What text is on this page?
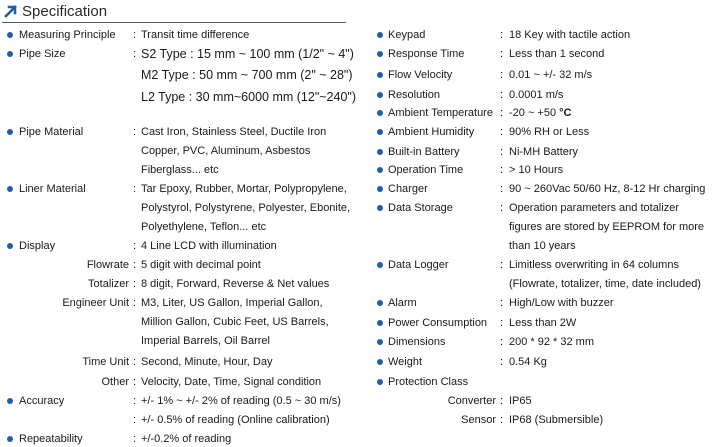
Specification
Measuring Principle : Transit time difference
Pipe Size	: S2 Type : 15 mm ~ 100 mm (1/2" ~ 4")
M2 Type : 50 mm ~ 700 mm (2" ~ 28")
L2 Type : 30 mm~6000 mm (12"~240")
Pipe Material	: Cast Iron, Stainless Steel, Ductile Iron
Copper, PVC, Aluminum, Asbestos
Fiberglass... etc
Liner Material	: Tar Epoxy, Rubber, Mortar, Polypropylene,
Polystyrol, Polystyrene, Polyester, Ebonite,
Polyethylene, Teflon... etc
Display	: 4 Line LCD with illumination
Flowrate : 5 digit with decimal point
Totalizer : 8 digit, Forward, Reverse & Net values
Engineer Unit : M3, Liter, US Gallon, Imperial Gallon,
Million Gallon, Cubic Feet, US Barrels,
Imperial Barrels, Oil Barrel
Time Unit : Second, Minute, Hour, Day
Other : Velocity, Date, Time, Signal condition
Accuracy	: +/- 1% ~ +/- 2% of reading (0.5 ~ 30 m/s)
: +/- 0.5% of reading (Online calibration)
Repeatability	: +/-0.2% of reading
Keypad	: 18 Key with tactile action
Response Time	: Less than 1 second
Flow Velocity	: 0.01 ~ +/- 32 m/s
Resolution	: 0.0001 m/s
Ambient Temperature : -20 ~ +50 °C
Ambient Humidity : 90% RH or Less
Built-in Battery	: Ni-MH Battery
Operation Time	: > 10 Hours
Charger	: 90 ~ 260Vac 50/60 Hz, 8-12 Hr charging
Data Storage	: Operation parameters and totalizer
figures are stored by EEPROM for more
than 10 years
Data Logger	: Limitless overwriting in 64 columns
(Flowrate, totalizer, time, date included)
Alarm	: High/Low with buzzer
Power Consumption : Less than 2W
Dimensions	: 200 * 92 * 32 mm
Weight	: 0.54 Kg
Protection Class
Converter : IP65
Sensor : IP68 (Submersible)
